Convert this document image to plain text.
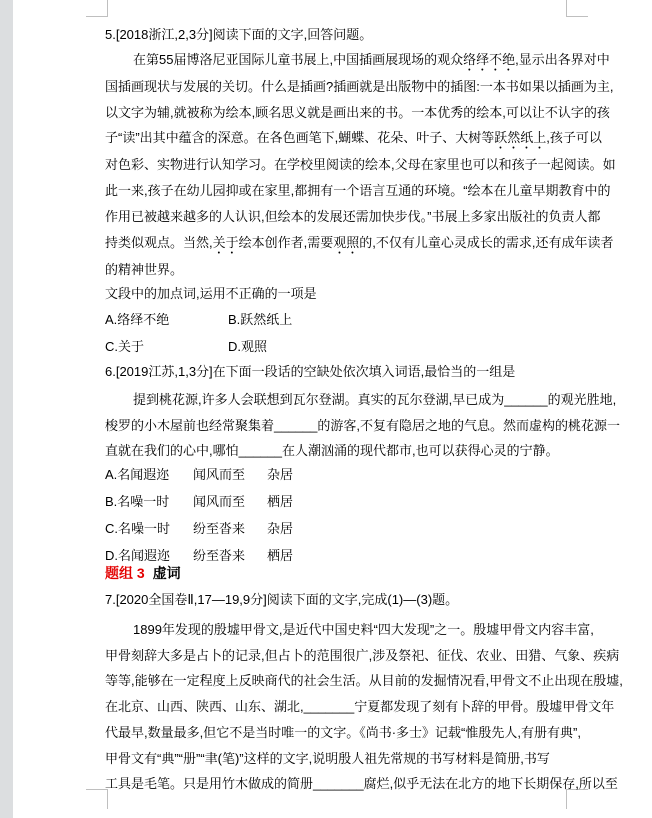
5.[2018浙江,2,3分]阅读下面的文字,回答问题。
在第55届博洛尼亚国际儿童书展上,中国插画展现场的观众络绎不绝,显示出各界对中
国插画现状与发展的关切。什么是插画?插画就是出版物中的插图:一本书如果以插画为主,
以文字为辅,就被称为绘本,顾名思义就是画出来的书。一本优秀的绘本,可以让不认字的孩
子“读”出其中蕴含的深意。在各色画笔下,蝴蝶、花朵、叶子、大树等跃然纸上,孩子可以
对色彩、实物进行认知学习。在学校里阅读的绘本,父母在家里也可以和孩子一起阅读。如
此一来,孩子在幼儿园抑或在家里,都拥有一个语言互通的环境。“绘本在儿童早期教育中的
作用已被越来越多的人认识,但绘本的发展还需加快步伐。”书展上多家出版社的负责人都
持类似观点。当然,关于绘本创作者,需要观照的,不仅有儿童心灵成长的需求,还有成年读者
的精神世界。
文段中的加点词,运用不正确的一项是
A.络绎不绝	B.跃然纸上
C.关于	D.观照
6.[2019江苏,1,3分]在下面一段话的空缺处依次填入词语,最恰当的一组是
提到桃花源,许多人会联想到瓦尔登湖。真实的瓦尔登湖,早已成为______的观光胜地,
梭罗的小木屋前也经常聚集着______的游客,不复有隐居之地的气息。然而虚构的桃花源一
直就在我们的心中,哪怕______在人潮汹涌的现代都市,也可以获得心灵的宁静。
A.名闻遐迩	闻风而至	杂居
B.名噪一时	闻风而至	栖居
C.名噪一时	纷至沓来	杂居
D.名闻遐迩	纷至沓来	栖居
题组 3 虚词
7.[2020全国卷Ⅱ,17—19,9分]阅读下面的文字,完成(1)—(3)题。
1899年发现的殷墟甲骨文,是近代中国史料“四大发现”之一。殷墟甲骨文内容丰富,
甲骨刻辞大多是占卜的记录,但占卜的范围很广,涉及祭祀、征伐、农业、田猎、气象、疾病
等等,能够在一定程度上反映商代的社会生活。从目前的发掘情况看,甲骨文不止出现在殷墟,
在北京、山西、陕西、山东、湖北,_______宁夏都发现了刻有卜辞的甲骨。殷墟甲骨文年
代最早,数量最多,但它不是当时唯一的文字。《尚书·多士》记载“惟殷先人,有册有典”,
甲骨文有“典”“册”“聿(笔)”这样的文字,说明殷人祖先常规的书写材料是简册,书写
工具是毛笔。只是用竹木做成的简册_______腐烂,似乎无法在北方的地下长期保存,所以至
